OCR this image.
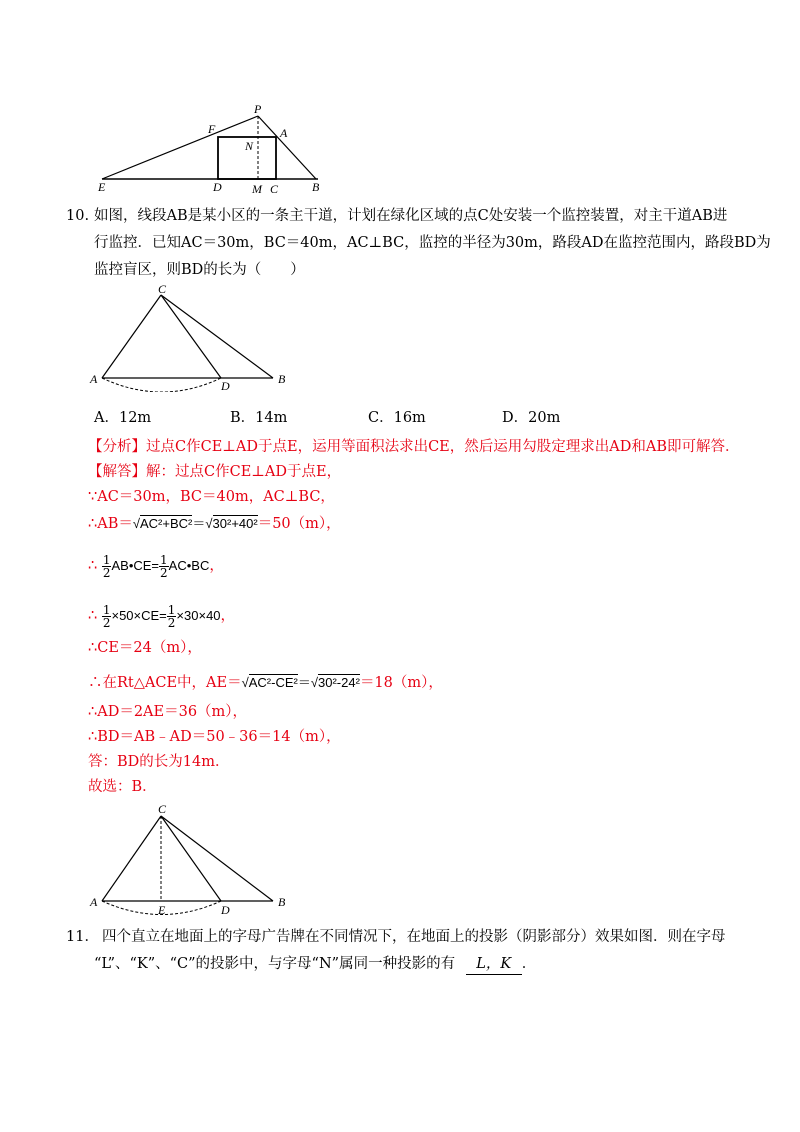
P
F	A
N
E	D	M C	B
10. 如图，线段AB是某小区的一条主干道，计划在绿化区域的点C处安装一个监控装置，对主干道AB进
行监控．已知AC＝30m，BC＝40m，AC⊥BC，监控的半径为30m，路段AD在监控范围内，路段BD为
监控盲区，则BD的长为（　　）
C
A	D	B
A．12m	B．14m	C．16m	D．20m
【分析】过点C作CE⊥AD于点E，运用等面积法求出CE，然后运用勾股定理求出AD和AB即可解答．
【解答】解：过点C作CE⊥AD于点E，
∵AC＝30m，BC＝40m，AC⊥BC，
∴AB＝√AC²+BC²＝√30²+40²＝50（m），
∴ $\frac{1}{2}$ AB•CE= $\frac{1}{2}$ AC•BC，
∴ $\frac{1}{2} \times 50\times CE= \frac{1}{2} \times 30\times 40$，
∴CE＝24（m），
∴在Rt△ACE中，AE＝√AC²-CE²＝√30²-24²＝18（m），
∴AD＝2AE＝36（m），
∴BD＝AB﹣AD＝50﹣36＝14（m），
答：BD的长为14m．
故选：B．
C
A
E	D
B
11． 四个直立在地面上的字母广告牌在不同情况下，在地面上的投影（阴影部分）效果如图．则在字母
“L”、“K”、“C”的投影中，与字母“N”属同一种投影的有 L，K ．
